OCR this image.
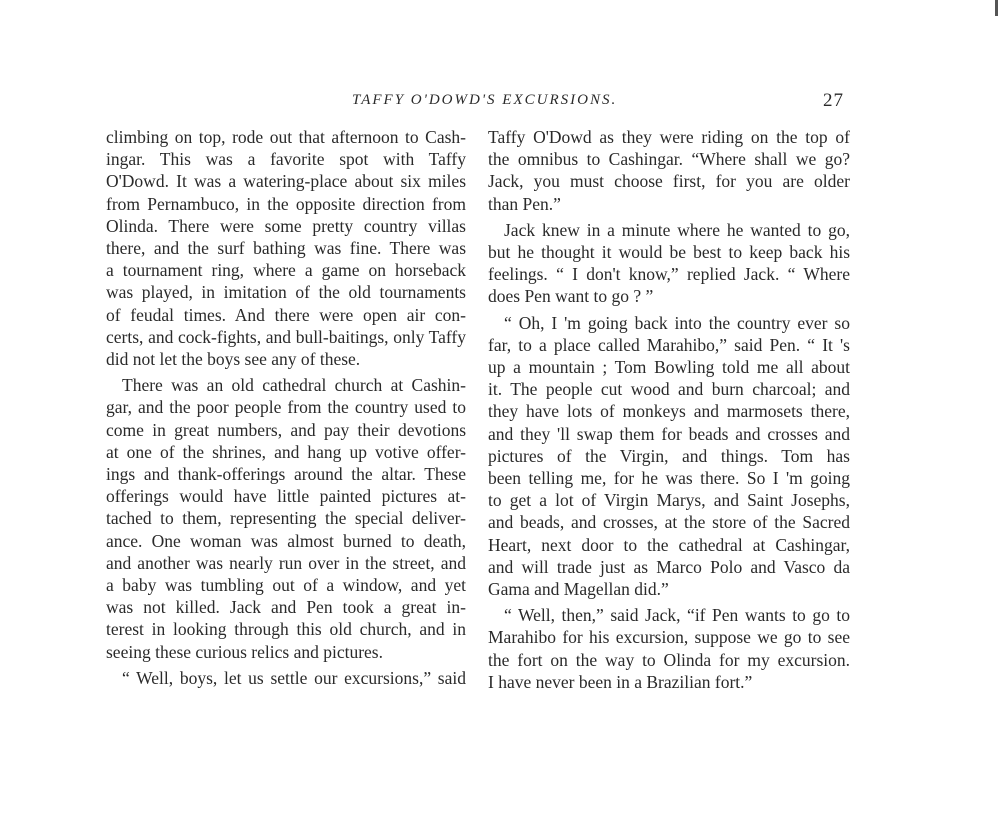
TAFFY O'DOWD'S EXCURSIONS.	27
climbing on top, rode out that afternoon to Cash-
ingar. This was a favorite spot with Taffy
O'Dowd. It was a watering-place about six miles
from Pernambuco, in the opposite direction from
Olinda. There were some pretty country villas
there, and the surf bathing was fine. There was
a tournament ring, where a game on horseback
was played, in imitation of the old tournaments
of feudal times. And there were open air con-
certs, and cock-fights, and bull-baitings, only Taffy
did not let the boys see any of these.
There was an old cathedral church at Cashin-
gar, and the poor people from the country used to
come in great numbers, and pay their devotions
at one of the shrines, and hang up votive offer-
ings and thank-offerings around the altar. These
offerings would have little painted pictures at-
tached to them, representing the special deliver-
ance. One woman was almost burned to death,
and another was nearly run over in the street, and
a baby was tumbling out of a window, and yet
was not killed. Jack and Pen took a great in-
terest in looking through this old church, and in
seeing these curious relics and pictures.
“ Well, boys, let us settle our excursions,” said
Taffy O'Dowd as they were riding on the top of
the omnibus to Cashingar. “Where shall we go?
Jack, you must choose first, for you are older
than Pen.”
Jack knew in a minute where he wanted to go,
but he thought it would be best to keep back his
feelings. “ I don't know,” replied Jack. “ Where
does Pen want to go ? ”
“ Oh, I 'm going back into the country ever so
far, to a place called Marahibo,” said Pen. “ It 's
up a mountain ; Tom Bowling told me all about
it. The people cut wood and burn charcoal; and
they have lots of monkeys and marmosets there,
and they 'll swap them for beads and crosses and
pictures of the Virgin, and things. Tom has
been telling me, for he was there. So I 'm going
to get a lot of Virgin Marys, and Saint Josephs,
and beads, and crosses, at the store of the Sacred
Heart, next door to the cathedral at Cashingar,
and will trade just as Marco Polo and Vasco da
Gama and Magellan did.”
“ Well, then,” said Jack, “if Pen wants to go to
Marahibo for his excursion, suppose we go to see
the fort on the way to Olinda for my excursion.
I have never been in a Brazilian fort.”
